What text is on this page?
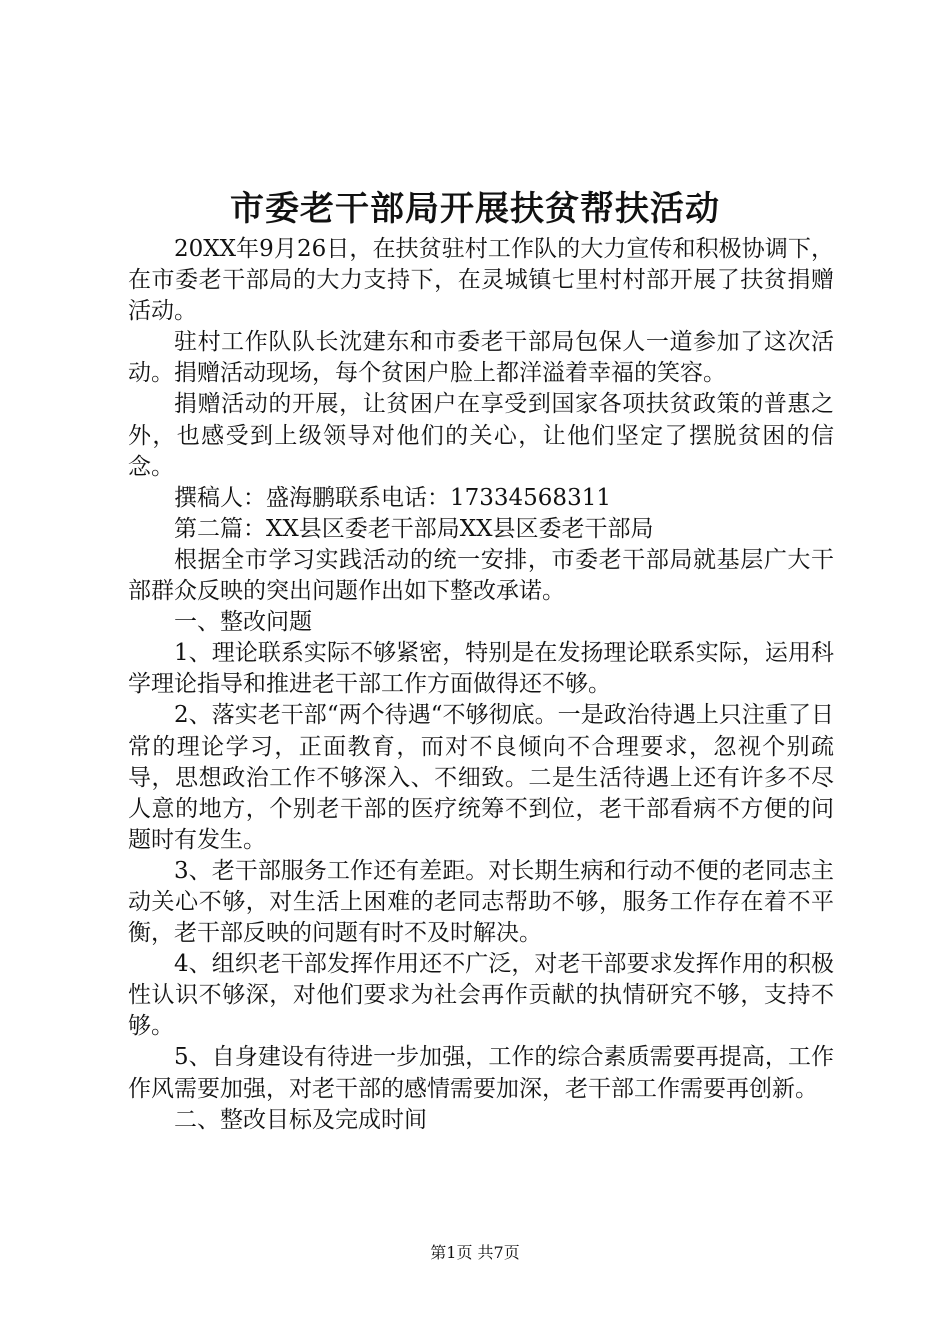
市委老干部局开展扶贫帮扶活动

20XX年9月26日，在扶贫驻村工作队的大力宣传和积极协调下，在市委老干部局的大力支持下，在灵城镇七里村村部开展了扶贫捐赠活动。

驻村工作队队长沈建东和市委老干部局包保人一道参加了这次活动。捐赠活动现场，每个贫困户脸上都洋溢着幸福的笑容。

捐赠活动的开展，让贫困户在享受到国家各项扶贫政策的普惠之外，也感受到上级领导对他们的关心，让他们坚定了摆脱贫困的信念。

撰稿人：盛海鹏联系电话：17334568311

第二篇：XX县区委老干部局XX县区委老干部局

根据全市学习实践活动的统一安排，市委老干部局就基层广大干部群众反映的突出问题作出如下整改承诺。

一、整改问题

1、理论联系实际不够紧密，特别是在发扬理论联系实际，运用科学理论指导和推进老干部工作方面做得还不够。

2、落实老干部“两个待遇“不够彻底。一是政治待遇上只注重了日常的理论学习，正面教育，而对不良倾向不合理要求，忽视个别疏导，思想政治工作不够深入、不细致。二是生活待遇上还有许多不尽人意的地方，个别老干部的医疗统筹不到位，老干部看病不方便的问题时有发生。

3、老干部服务工作还有差距。对长期生病和行动不便的老同志主动关心不够，对生活上困难的老同志帮助不够，服务工作存在着不平衡，老干部反映的问题有时不及时解决。

4、组织老干部发挥作用还不广泛，对老干部要求发挥作用的积极性认识不够深，对他们要求为社会再作贡献的执情研究不够，支持不够。

5、自身建设有待进一步加强，工作的综合素质需要再提高，工作作风需要加强，对老干部的感情需要加深，老干部工作需要再创新。

二、整改目标及完成时间

第1页 共7页
